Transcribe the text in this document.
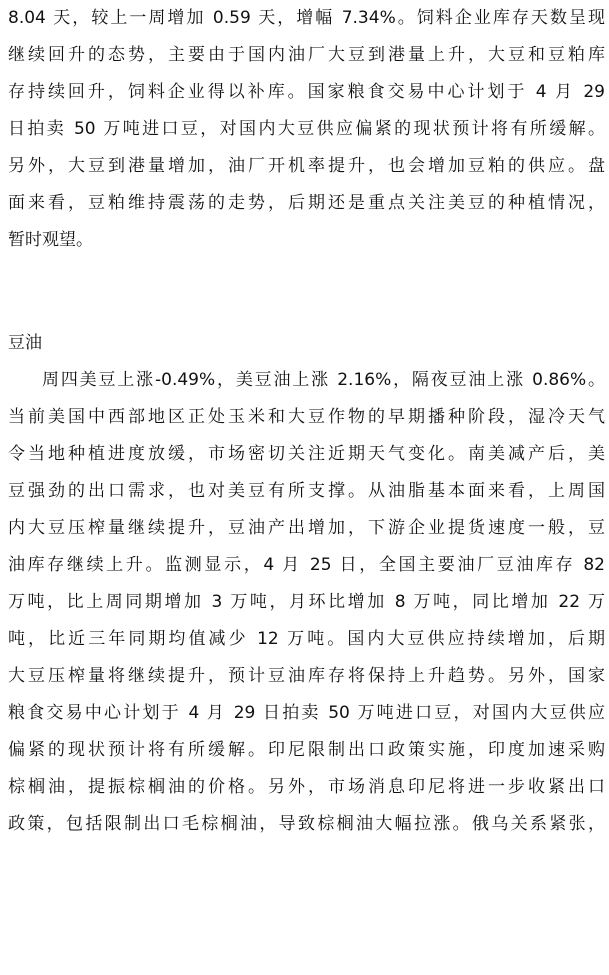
8.04 天，较上一周增加 0.59 天，增幅 7.34%。饲料企业库存天数呈现
继续回升的态势，主要由于国内油厂大豆到港量上升，大豆和豆粕库
存持续回升，饲料企业得以补库。国家粮食交易中心计划于 4 月 29
日拍卖 50 万吨进口豆，对国内大豆供应偏紧的现状预计将有所缓解。
另外，大豆到港量增加，油厂开机率提升，也会增加豆粕的供应。盘
面来看，豆粕维持震荡的走势，后期还是重点关注美豆的种植情况，
暂时观望。
豆油
周四美豆上涨-0.49%，美豆油上涨 2.16%，隔夜豆油上涨 0.86%。
当前美国中西部地区正处玉米和大豆作物的早期播种阶段，湿冷天气
令当地种植进度放缓，市场密切关注近期天气变化。南美减产后，美
豆强劲的出口需求，也对美豆有所支撑。从油脂基本面来看，上周国
内大豆压榨量继续提升，豆油产出增加，下游企业提货速度一般，豆
油库存继续上升。监测显示，4 月 25 日，全国主要油厂豆油库存 82
万吨，比上周同期增加 3 万吨，月环比增加 8 万吨，同比增加 22 万
吨，比近三年同期均值减少 12 万吨。国内大豆供应持续增加，后期
大豆压榨量将继续提升，预计豆油库存将保持上升趋势。另外，国家
粮食交易中心计划于 4 月 29 日拍卖 50 万吨进口豆，对国内大豆供应
偏紧的现状预计将有所缓解。印尼限制出口政策实施，印度加速采购
棕榈油，提振棕榈油的价格。另外，市场消息印尼将进一步收紧出口
政策，包括限制出口毛棕榈油，导致棕榈油大幅拉涨。俄乌关系紧张，
